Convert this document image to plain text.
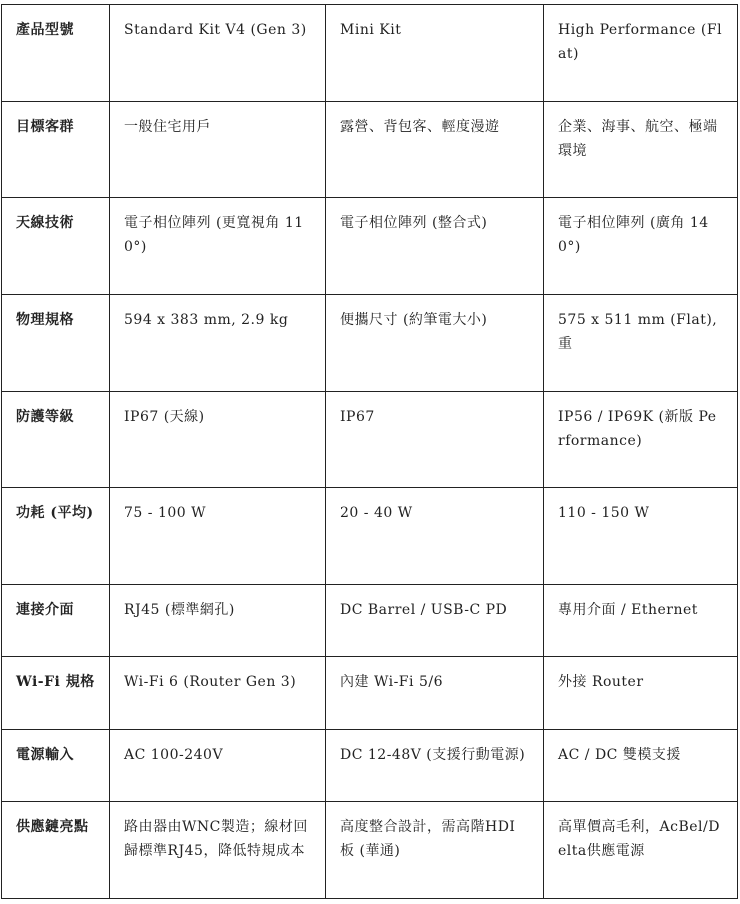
產品型號	Standard Kit V4 (Gen 3)	Mini Kit	High Performance (Flat)
目標客群	一般住宅用戶	露營、背包客、輕度漫遊	企業、海事、航空、極端環境
天線技術	電子相位陣列 (更寬視角 110°)	電子相位陣列 (整合式)	電子相位陣列 (廣角 140°)
物理規格	594 x 383 mm, 2.9 kg	便攜尺寸 (約筆電大小)	575 x 511 mm (Flat), 重
防護等級	IP67 (天線)	IP67	IP56 / IP69K (新版 Performance)
功耗 (平均)	75 - 100 W	20 - 40 W	110 - 150 W
連接介面	RJ45 (標準網孔)	DC Barrel / USB-C PD	專用介面 / Ethernet
Wi-Fi 規格	Wi-Fi 6 (Router Gen 3)	內建 Wi-Fi 5/6	外接 Router
電源輸入	AC 100-240V	DC 12-48V (支援行動電源)	AC / DC 雙模支援
供應鏈亮點	路由器由WNC製造；線材回歸標準RJ45，降低特規成本	高度整合設計，需高階HDI板 (華通)	高單價高毛利，AcBel/Delta供應電源
